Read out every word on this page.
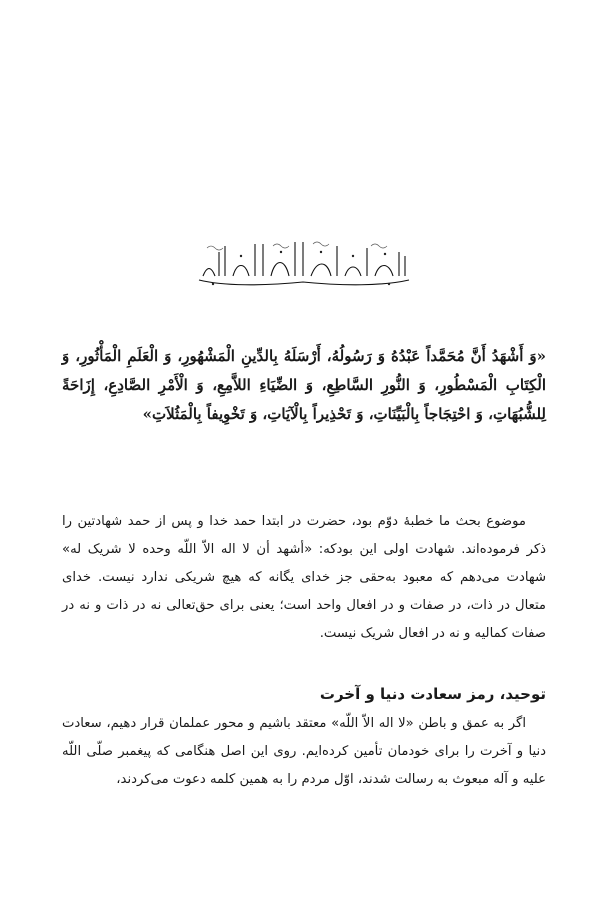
«وَ أَشْهَدُ أَنَّ مُحَمَّداً عَبْدُهُ وَ رَسُولُهُ، أَرْسَلَهُ بِالدِّينِ الْمَشْهُورِ، وَ الْعَلَمِ الْمَأْثُورِ، وَ الْكِتَابِ الْمَسْطُورِ، وَ النُّورِ السَّاطِعِ، وَ الضِّيَاءِ اللاَّمِعِ، وَ الْأَمْرِ الصَّادِعِ، إِزَاحَةً لِلشُّبُهَاتِ، وَ احْتِجَاجاً بِالْبَيِّنَاتِ، وَ تَحْذِيراً بِالْآيَاتِ، وَ تَخْوِيفاً بِالْمَثُلاَتِ»
موضوع بحث ما خطبهٔ دوّم بود، حضرت در ابتدا حمد خدا و پس از حمد شهادتین را ذکر فرموده‌اند. شهادت اولی این بودکه: «أشهد أن لا اله الاّ اللّه وحده لا شریک له» شهادت می‌دهم که معبود به‌حقی جز خدای یگانه که هیچ شریکی ندارد نیست. خدای متعال در ذات، در صفات و در افعال واحد است؛ یعنی برای حق‌تعالی نه در ذات و نه در صفات کمالیه و نه در افعال شریک نیست.
توحید، رمز سعادت دنیا و آخرت
اگر به عمق و باطن «لا اله الاّ اللّه» معتقد باشیم و محور عملمان قرار دهیم، سعادت دنیا و آخرت را برای خودمان تأمین کرده‌ایم. روی این اصل هنگامی که پیغمبر صلّی اللّه علیه و آله مبعوث به رسالت شدند، اوّل مردم را به همین کلمه دعوت می‌کردند،
